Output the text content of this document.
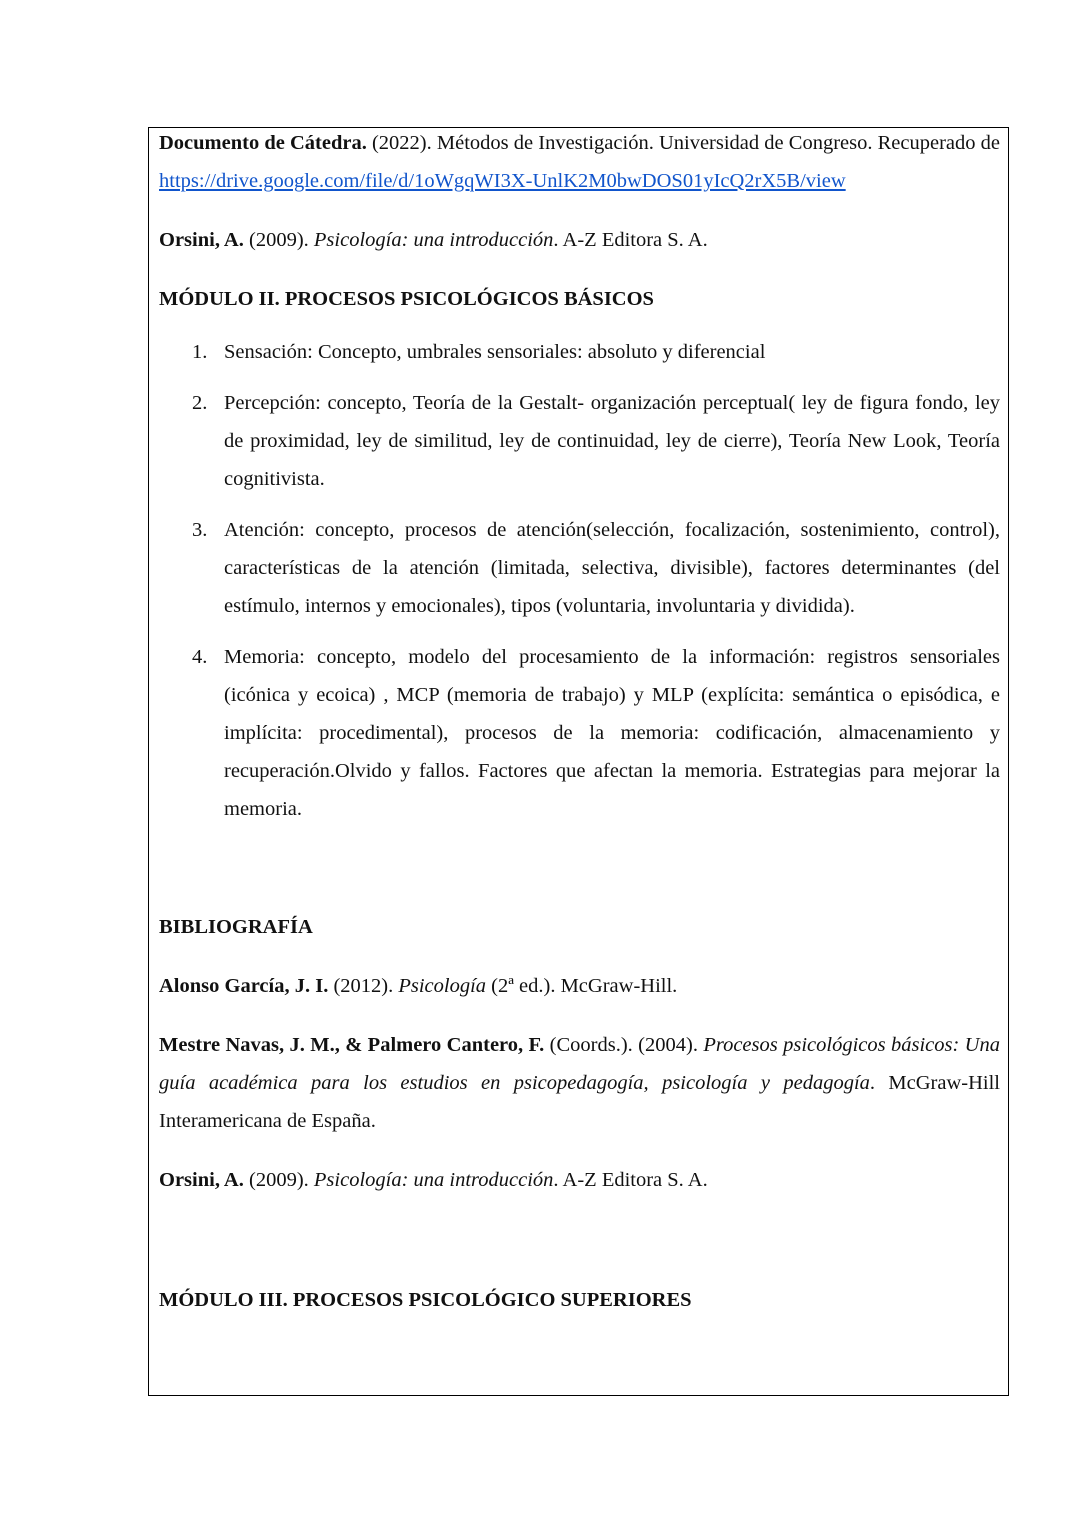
Documento de Cátedra. (2022). Métodos de Investigación. Universidad de Congreso. Recuperado de https://drive.google.com/file/d/1oWgqWI3X-UnlK2M0bwDOS01yIcQ2rX5B/view

Orsini, A. (2009). Psicología: una introducción. A-Z Editora S. A.

MÓDULO II. PROCESOS PSICOLÓGICOS BÁSICOS

1. Sensación: Concepto, umbrales sensoriales: absoluto y diferencial
2. Percepción: concepto, Teoría de la Gestalt- organización perceptual( ley de figura fondo, ley de proximidad, ley de similitud, ley de continuidad, ley de cierre), Teoría New Look, Teoría cognitivista.
3. Atención: concepto, procesos de atención(selección, focalización, sostenimiento, control), características de la atención (limitada, selectiva, divisible), factores determinantes (del estímulo, internos y emocionales), tipos (voluntaria, involuntaria y dividida).
4. Memoria: concepto, modelo del procesamiento de la información: registros sensoriales (icónica y ecoica) , MCP (memoria de trabajo) y MLP (explícita: semántica o episódica, e implícita: procedimental), procesos de la memoria: codificación, almacenamiento y recuperación.Olvido y fallos. Factores que afectan la memoria. Estrategias para mejorar la memoria.

BIBLIOGRAFÍA

Alonso García, J. I. (2012). Psicología (2ª ed.). McGraw-Hill.

Mestre Navas, J. M., & Palmero Cantero, F. (Coords.). (2004). Procesos psicológicos básicos: Una guía académica para los estudios en psicopedagogía, psicología y pedagogía. McGraw-Hill Interamericana de España.

Orsini, A. (2009). Psicología: una introducción. A-Z Editora S. A.

MÓDULO III. PROCESOS PSICOLÓGICO SUPERIORES
